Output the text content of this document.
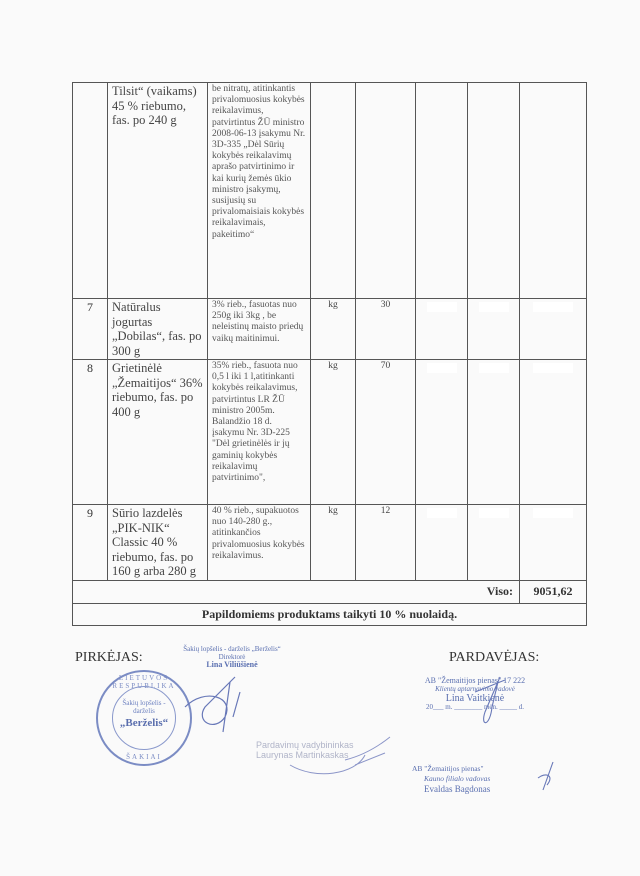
	Tilsit“ (vaikams) 45 % riebumo, fas. po 240 g	be nitratų, atitinkantis privalomuosius kokybės reikalavimus, patvirtintus ŽŪ ministro 2008-06-13 įsakymu Nr. 3D-335 „Dėl Sūrių kokybės reikalavimų aprašo patvirtinimo ir kai kurių žemės ūkio ministro įsakymų, susijusių su privalomaisiais kokybės reikalavimais, pakeitimo“					
7	Natūralus jogurtas „Dobilas“, fas. po 300 g	3% rieb., fasuotas nuo 250g iki 3kg , be neleistinų maisto priedų vaikų maitinimui.	kg	30	

8	Grietinėlė „Žemaitijos“ 36% riebumo, fas. po 400 g	35% rieb., fasuota nuo 0,5 l iki 1 l,atitinkanti kokybės reikalavimus, patvirtintus LR ŽŪ ministro 2005m. Balandžio 18 d. įsakymu Nr. 3D-225 "Dėl grietinėlės ir jų gaminių kokybės reikalavimų patvirtinimo",	kg	70	

9	Sūrio lazdelės „PIK-NIK“ Classic 40 % riebumo, fas. po 160 g arba 280 g	40 % rieb., supakuotos nuo 140-280 g., atitinkančios privalomuosius kokybės reikalavimus.	kg	12	

Viso:							9051,62
Papildomiems produktams taikyti 10 % nuolaidą.							
PIRKĖJAS:
Šakių lopšelis - darželis „Berželis“
Direktorė
Lina Viliūšienė
LIETUVOS RESPUBLIKA
Šakių lopšelis - darželis
„Berželis“
ŠAKIAI
Pardavimų vadybininkas
Laurynas Martinkaskas
PARDAVĖJAS:
AB "Žemaitijos pienas" 17 222
Klientų aptarnavimo vadovė
Lina Vaitkienė
20___ m. ________ mėn. _____ d.
AB "Žemaitijos pienas"
Kauno filialo vadovas
Evaldas Bagdonas
